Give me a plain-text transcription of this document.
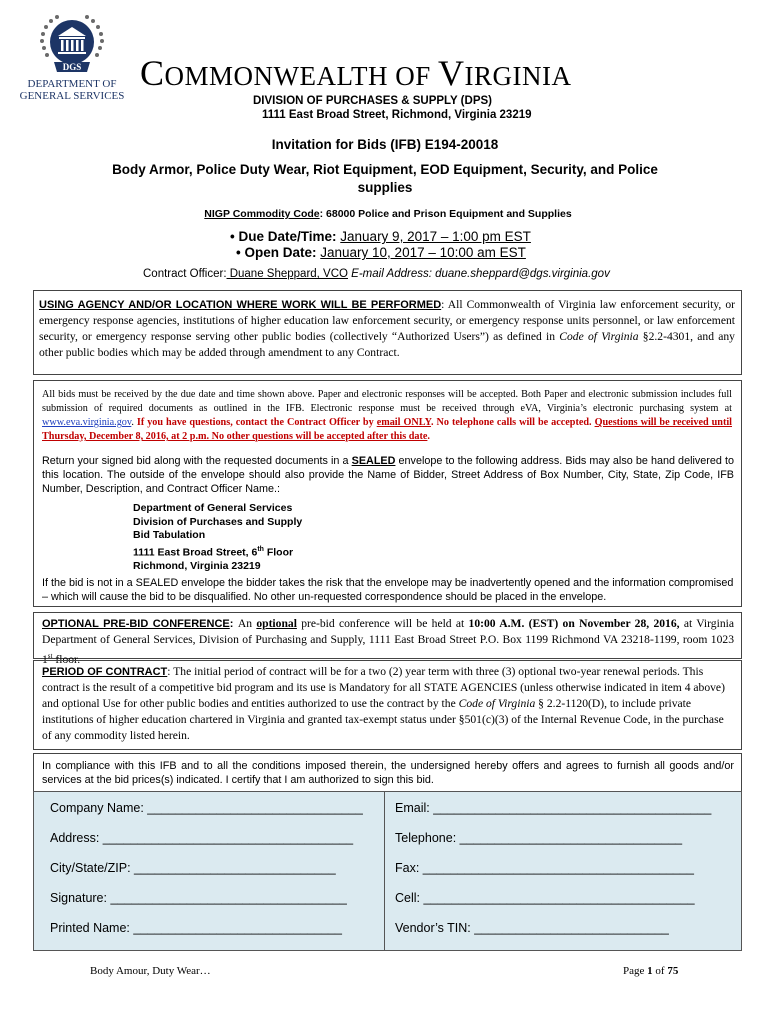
DGS
DEPARTMENT OF
GENERAL SERVICES
COMMONWEALTH OF VIRGINIA
DIVISION OF PURCHASES & SUPPLY (DPS)
1111 East Broad Street, Richmond, Virginia 23219
Invitation for Bids (IFB) E194-20018
Body Armor, Police Duty Wear, Riot Equipment, EOD Equipment, Security, and Police supplies
NIGP Commodity Code: 68000 Police and Prison Equipment and Supplies
• Due Date/Time: January 9, 2017 – 1:00 pm EST
• Open Date: January 10, 2017 – 10:00 am EST
Contract Officer: Duane Sheppard, VCO E-mail Address: duane.sheppard@dgs.virginia.gov
USING AGENCY AND/OR LOCATION WHERE WORK WILL BE PERFORMED: All Commonwealth of Virginia law enforcement security, or emergency response agencies, institutions of higher education law enforcement security, or emergency response units personnel, or law enforcement security, or emergency response serving other public bodies (collectively “Authorized Users”) as defined in Code of Virginia §2.2-4301, and any other public bodies which may be added through amendment to any Contract.
All bids must be received by the due date and time shown above. Paper and electronic responses will be accepted. Both Paper and electronic submission includes full submission of required documents as outlined in the IFB. Electronic response must be received through eVA, Virginia’s electronic purchasing system at www.eva.virginia.gov. If you have questions, contact the Contract Officer by email ONLY. No telephone calls will be accepted. Questions will be received until Thursday, December 8, 2016, at 2 p.m. No other questions will be accepted after this date.
Return your signed bid along with the requested documents in a SEALED envelope to the following address. Bids may also be hand delivered to this location. The outside of the envelope should also provide the Name of Bidder, Street Address of Box Number, City, State, Zip Code, IFB Number, Description, and Contract Officer Name.:
Department of General Services
Division of Purchases and Supply
Bid Tabulation
1111 East Broad Street, 6th Floor
Richmond, Virginia 23219
If the bid is not in a SEALED envelope the bidder takes the risk that the envelope may be inadvertently opened and the information compromised – which will cause the bid to be disqualified. No other un-requested correspondence should be placed in the envelope.
OPTIONAL PRE-BID CONFERENCE: An optional pre-bid conference will be held at 10:00 A.M. (EST) on November 28, 2016, at Virginia Department of General Services, Division of Purchasing and Supply, 1111 East Broad Street P.O. Box 1199 Richmond VA 23218-1199, room 1023 1st floor.
PERIOD OF CONTRACT: The initial period of contract will be for a two (2) year term with three (3) optional two-year renewal periods. This contract is the result of a competitive bid program and its use is Mandatory for all STATE AGENCIES (unless otherwise indicated in item 4 above) and optional Use for other public bodies and entities authorized to use the contract by the Code of Virginia § 2.2-1120(D), to include private institutions of higher education chartered in Virginia and granted tax-exempt status under §501(c)(3) of the Internal Revenue Code, in the purchase of any commodity listed herein.
In compliance with this IFB and to all the conditions imposed therein, the undersigned hereby offers and agrees to furnish all goods and/or services at the bid prices(s) indicated. I certify that I am authorized to sign this bid.
Company Name: _______________________________	Email: ________________________________________
Address: ____________________________________	Telephone: ________________________________
City/State/ZIP: _____________________________	Fax: _______________________________________
Signature: __________________________________	Cell: _______________________________________
Printed Name: ______________________________	Vendor’s TIN: ____________________________
Body Amour, Duty Wear…	Page 1 of 75
